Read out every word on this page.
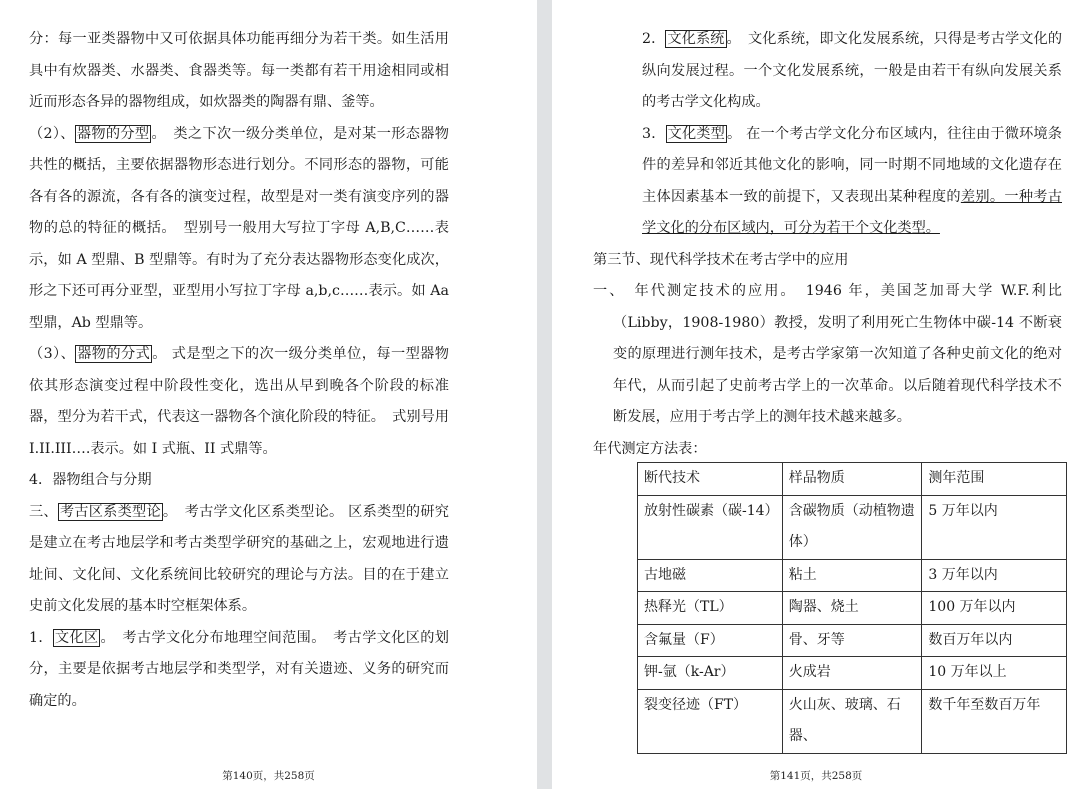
分：每一亚类器物中又可依据具体功能再细分为若干类。如生活用具中有炊器类、水器类、食器类等。每一类都有若干用途相同或相近而形态各异的器物组成，如炊器类的陶器有鼎、釜等。

（2）、 器物的分型 。　类之下次一级分类单位，是对某一形态器物共性的概括，主要依据器物形态进行划分。不同形态的器物，可能各有各的源流，各有各的演变过程，故型是对一类有演变序列的器物的总的特征的概括。　型别号一般用大写拉丁字母 A,B,C……表示，如 A 型鼎、B 型鼎等。有时为了充分表达器物形态变化成次，形之下还可再分亚型，亚型用小写拉丁字母 a,b,c……表示。如 Aa 型鼎，Ab 型鼎等。

（3）、 器物的分式 。 式是型之下的次一级分类单位，每一型器物依其形态演变过程中阶段性变化，选出从早到晚各个阶段的标准器，型分为若干式，代表这一器物各个演化阶段的特征。　式别号用 I.II.III….表示。如 I 式瓶、II 式鼎等。

4．器物组合与分期

三、 考古区系类型论 。　考古学文化区系类型论。 区系类型的研究是建立在考古地层学和考古类型学研究的基础之上，宏观地进行遗址间、文化间、文化系统间比较研究的理论与方法。目的在于建立史前文化发展的基本时空框架体系。

1． 文化区 。　考古学文化分布地理空间范围。　考古学文化区的划分，主要是依据考古地层学和类型学，对有关遗迹、义务的研究而确定的。

第140页，共258页

2． 文化系统 。　文化系统，即文化发展系统，只得是考古学文化的纵向发展过程。一个文化发展系统，一般是由若干有纵向发展关系的考古学文化构成。

3． 文化类型 。 在一个考古学文化分布区域内，往往由于微环境条件的差异和邻近其他文化的影响，同一时期不同地域的文化遗存在主体因素基本一致的前提下，又表现出某种程度的差别。一种考古学文化的分布区域内，可分为若干个文化类型。

第三节、现代科学技术在考古学中的应用

一、　年代测定技术的应用。　1946 年，美国芝加哥大学 W.F.利比（Libby，1908-1980）教授，发明了利用死亡生物体中碳-14 不断衰变的原理进行测年技术，是考古学家第一次知道了各种史前文化的绝对年代，从而引起了史前考古学上的一次革命。以后随着现代科学技术不断发展，应用于考古学上的测年技术越来越多。

年代测定方法表：

断代技术	样品物质	测年范围
放射性碳素（碳-14）	含碳物质（动植物遗体）	5 万年以内
古地磁	粘土	3 万年以内
热释光（TL）	陶器、烧土	100 万年以内
含氟量（F）	骨、牙等	数百万年以内
钾-氩（k-Ar）	火成岩	10 万年以上
裂变径迹（FT）	火山灰、玻璃、石器、	数千年至数百万年
第141页，共258页
